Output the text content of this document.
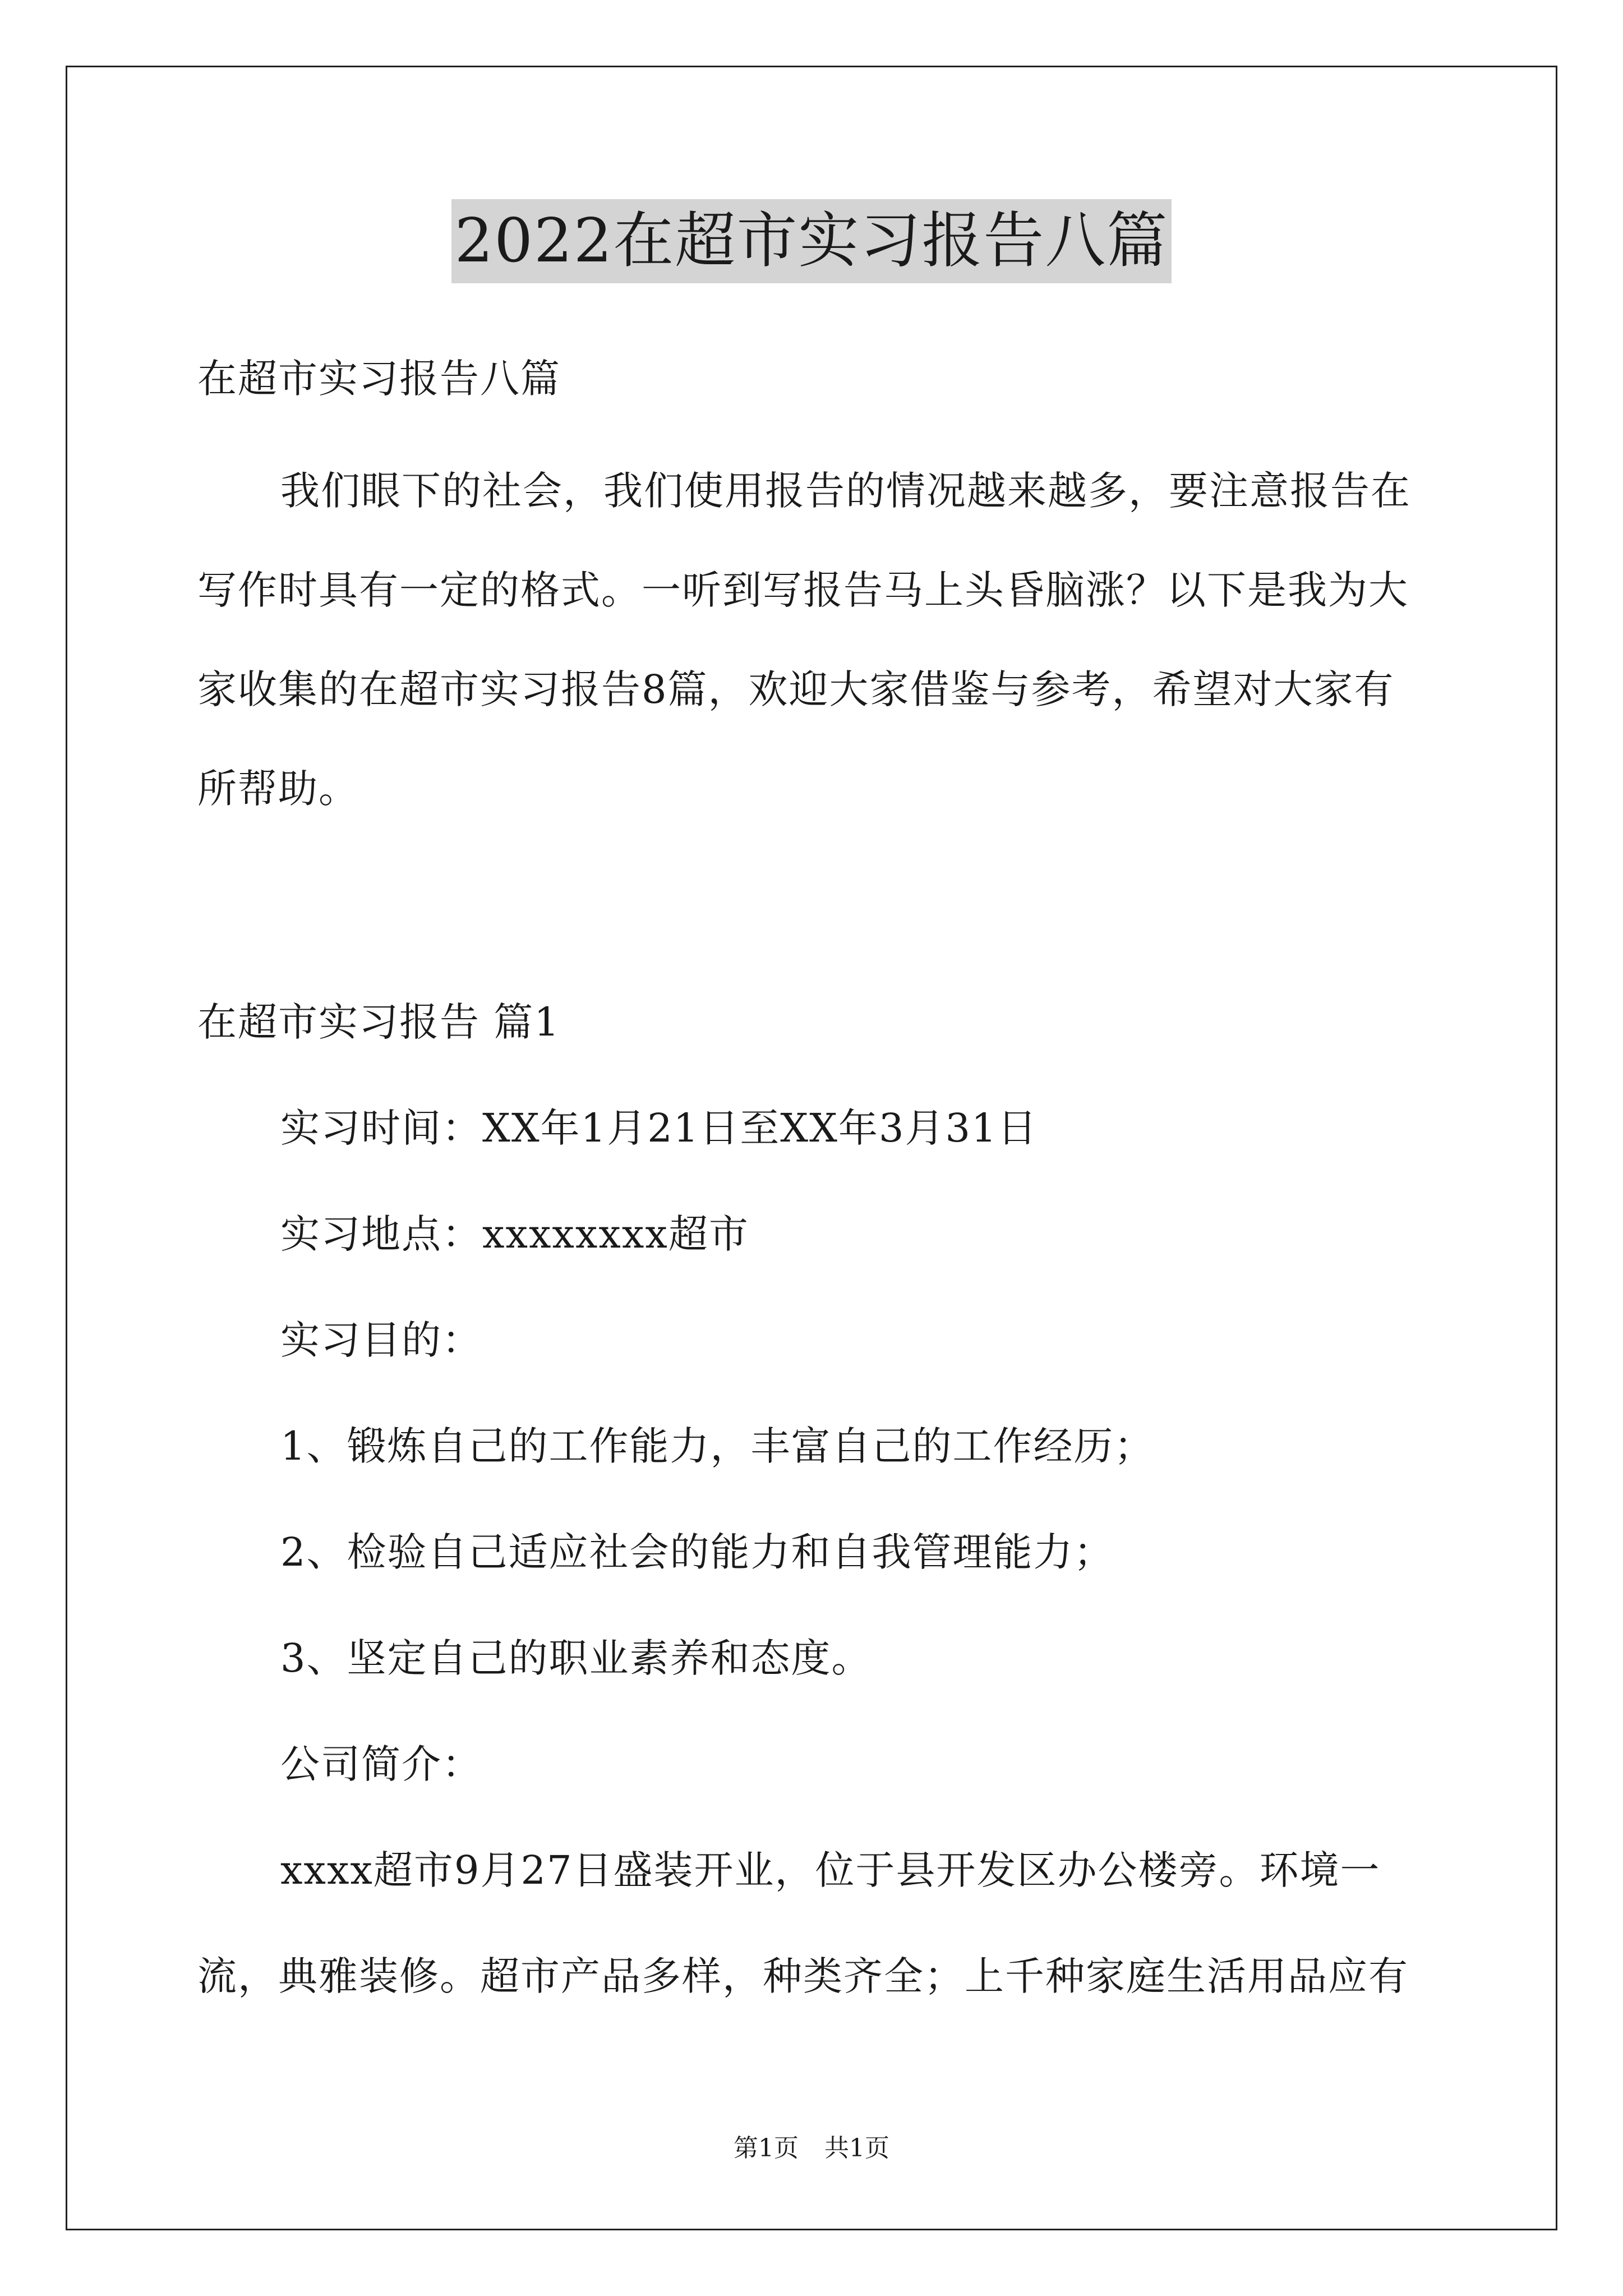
2022在超市实习报告八篇
在超市实习报告八篇
我们眼下的社会，我们使用报告的情况越来越多，要注意报告在
写作时具有一定的格式。一听到写报告马上头昏脑涨？以下是我为大
家收集的在超市实习报告8篇，欢迎大家借鉴与参考，希望对大家有
所帮助。
在超市实习报告 篇1
实习时间：XX年1月21日至XX年3月31日
实习地点：xxxxxxxx超市
实习目的：
1、锻炼自己的工作能力，丰富自己的工作经历；
2、检验自己适应社会的能力和自我管理能力；
3、坚定自己的职业素养和态度。
公司简介：
xxxx超市9月27日盛装开业，位于县开发区办公楼旁。环境一
流，典雅装修。超市产品多样，种类齐全；上千种家庭生活用品应有
第1页 共1页
